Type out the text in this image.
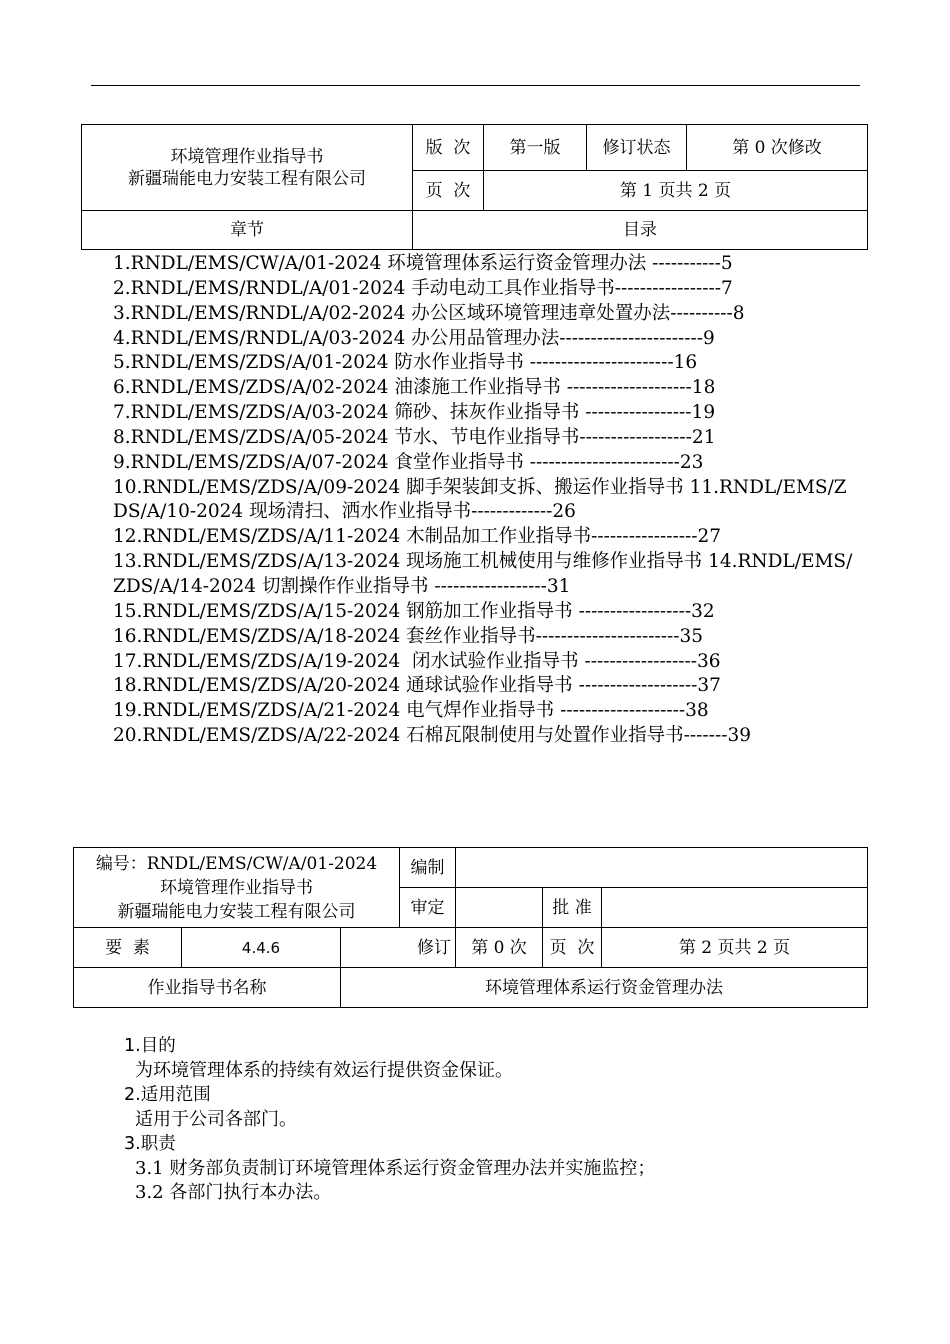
环境管理作业指导书
新疆瑞能电力安装工程有限公司	版  次	第一版	修订状态	第 0 次修改
	页  次	第 1 页共 2 页		
章节	目录			
1.RNDL/EMS/CW/A/01-2024 环境管理体系运行资金管理办法 -----------5
2.RNDL/EMS/RNDL/A/01-2024 手动电动工具作业指导书-----------------7
3.RNDL/EMS/RNDL/A/02-2024 办公区域环境管理违章处置办法----------8
4.RNDL/EMS/RNDL/A/03-2024 办公用品管理办法-----------------------9
5.RNDL/EMS/ZDS/A/01-2024 防水作业指导书 -----------------------16
6.RNDL/EMS/ZDS/A/02-2024 油漆施工作业指导书 --------------------18
7.RNDL/EMS/ZDS/A/03-2024 筛砂、抹灰作业指导书 -----------------19
8.RNDL/EMS/ZDS/A/05-2024 节水、节电作业指导书------------------21
9.RNDL/EMS/ZDS/A/07-2024 食堂作业指导书 ------------------------23
10.RNDL/EMS/ZDS/A/09-2024 脚手架装卸支拆、搬运作业指导书 11.RNDL/EMS/ZDS/A/10-2024 现场清扫、洒水作业指导书-------------26
12.RNDL/EMS/ZDS/A/11-2024 木制品加工作业指导书-----------------27
13.RNDL/EMS/ZDS/A/13-2024 现场施工机械使用与维修作业指导书 14.RNDL/EMS/ZDS/A/14-2024 切割操作作业指导书 ------------------31
15.RNDL/EMS/ZDS/A/15-2024 钢筋加工作业指导书 ------------------32
16.RNDL/EMS/ZDS/A/18-2024 套丝作业指导书-----------------------35
17.RNDL/EMS/ZDS/A/19-2024  闭水试验作业指导书 ------------------36
18.RNDL/EMS/ZDS/A/20-2024 通球试验作业指导书 -------------------37
19.RNDL/EMS/ZDS/A/21-2024 电气焊作业指导书 --------------------38
20.RNDL/EMS/ZDS/A/22-2024 石棉瓦限制使用与处置作业指导书-------39
编号：RNDL/EMS/CW/A/01-2024
环境管理作业指导书
新疆瑞能电力安装工程有限公司			编制			
			审定		批 准	
要  素	4.4.6	修订		第 0 次	页  次	第 2 页共 2 页
作业指导书名称		环境管理体系运行资金管理办法				
1.目的
为环境管理体系的持续有效运行提供资金保证。
2.适用范围
适用于公司各部门。
3.职责
3.1 财务部负责制订环境管理体系运行资金管理办法并实施监控；
3.2 各部门执行本办法。
